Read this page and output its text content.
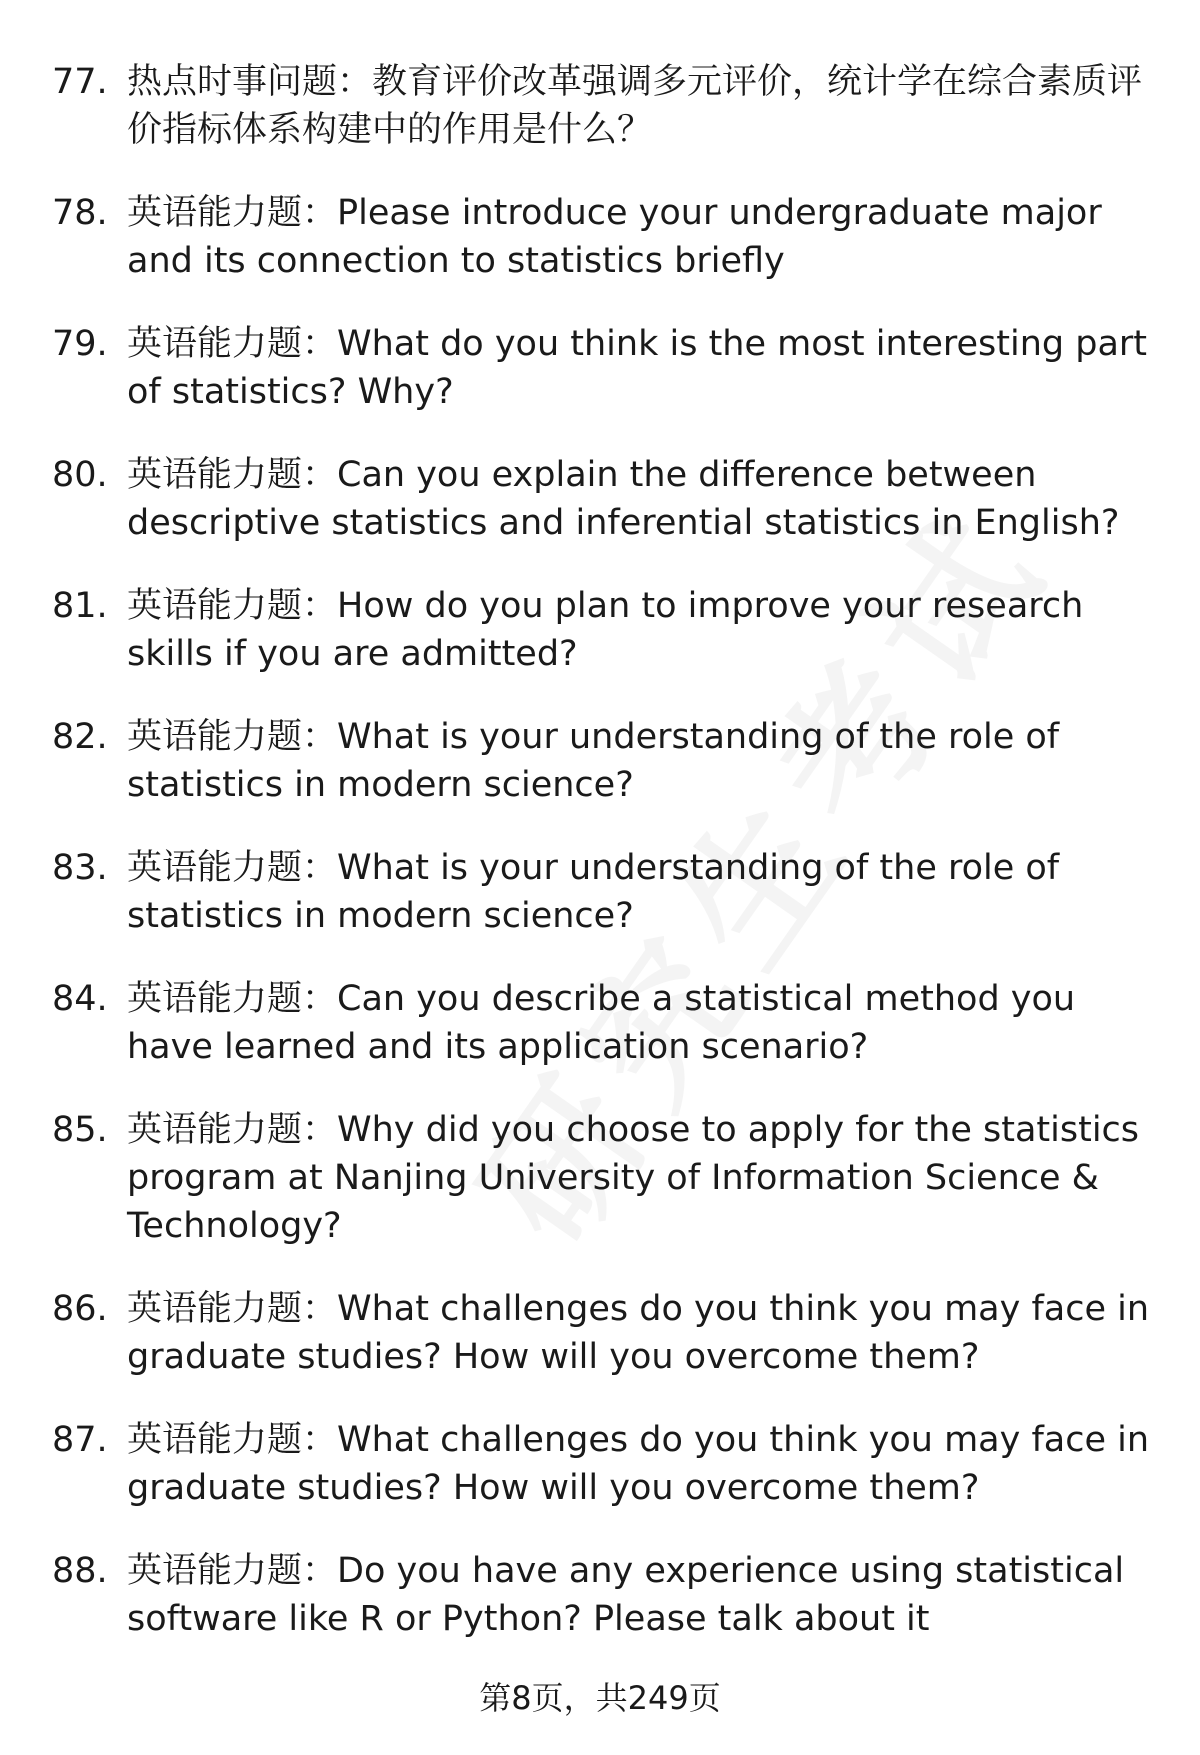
77. 热点时事问题：教育评价改革强调多元评价，统计学在综合素质评价指标体系构建中的作用是什么？
78. 英语能力题：Please introduce your undergraduate major and its connection to statistics briefly
79. 英语能力题：What do you think is the most interesting part of statistics? Why?
80. 英语能力题：Can you explain the difference between descriptive statistics and inferential statistics in English?
81. 英语能力题：How do you plan to improve your research skills if you are admitted?
82. 英语能力题：What is your understanding of the role of statistics in modern science?
83. 英语能力题：What is your understanding of the role of statistics in modern science?
84. 英语能力题：Can you describe a statistical method you have learned and its application scenario?
85. 英语能力题：Why did you choose to apply for the statistics program at Nanjing University of Information Science & Technology?
86. 英语能力题：What challenges do you think you may face in graduate studies? How will you overcome them?
87. 英语能力题：What challenges do you think you may face in graduate studies? How will you overcome them?
88. 英语能力题：Do you have any experience using statistical software like R or Python? Please talk about it
第8页，共249页
